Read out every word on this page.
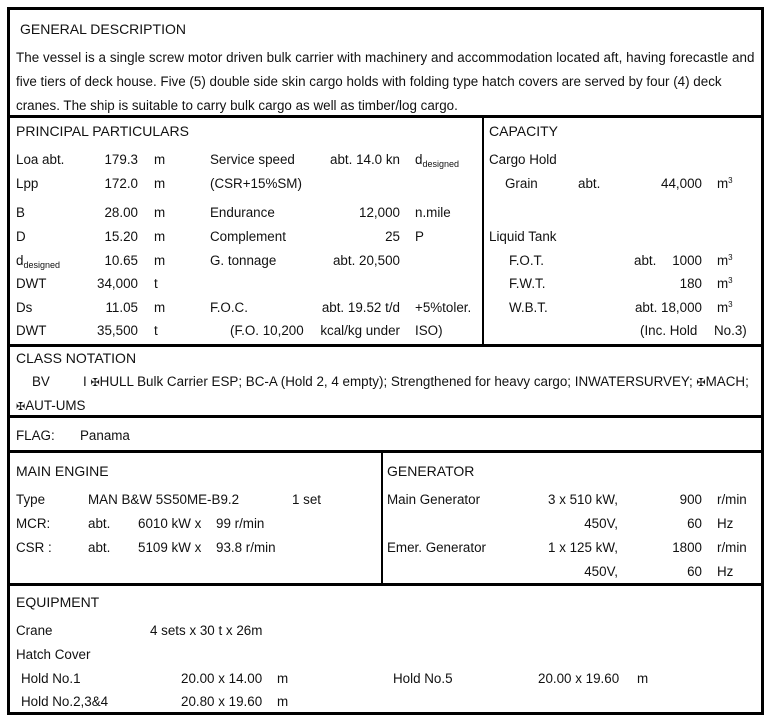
GENERAL DESCRIPTION
The vessel is a single screw motor driven bulk carrier with machinery and accommodation located aft, having forecastle and
five tiers of deck house. Five (5) double side skin cargo holds with folding type hatch covers are served by four (4) deck
cranes. The ship is suitable to carry bulk cargo as well as timber/log cargo.
PRINCIPAL PARTICULARS
Loa abt.	179.3 m	Service speed	abt. 14.0 kn $d_{designed}$
Lpp	172.0 m	(CSR+15%SM)
B	28.00 m	Endurance	12,000 n.mile
D	15.20 m	Complement	25 P
$d_{designed}$	10.65 m	G. tonnage	abt. 20,500
DWT	34,000 t
Ds	11.05 m	F.O.C.	abt. 19.52 t/d +5%toler.
DWT	35,500 t	(F.O. 10,200	kcal/kg under ISO)
CAPACITY
Cargo Hold
Grain	abt.	44,000 $m^3$
Liquid Tank
F.O.T.	abt.	1000 $m^3$
F.W.T.	180 $m^3$
W.B.T.	abt. 18,000 $m^3$
(Inc. Hold No.3)
CLASS NOTATION
BV I ✠HULL Bulk Carrier ESP; BC-A (Hold 2, 4 empty); Strengthened for heavy cargo; INWATERSURVEY; ✠MACH;
✠AUT-UMS
FLAG: Panama
MAIN ENGINE
Type	MAN B&W 5S50ME-B9.2	1 set
MCR:	abt. 6010 kW x 99 r/min
CSR :	abt. 5109 kW x 93.8 r/min
GENERATOR
Main Generator	3 x 510 kW,	900 r/min
450V,	60 Hz
Emer. Generator	1 x 125 kW,	1800 r/min
450V,	60 Hz
EQUIPMENT
Crane	4 sets x 30 t x 26m
Hatch Cover
Hold No.1	20.00 x 14.00 m	Hold No.5	20.00 x 19.60 m
Hold No.2,3&4	20.80 x 19.60 m
